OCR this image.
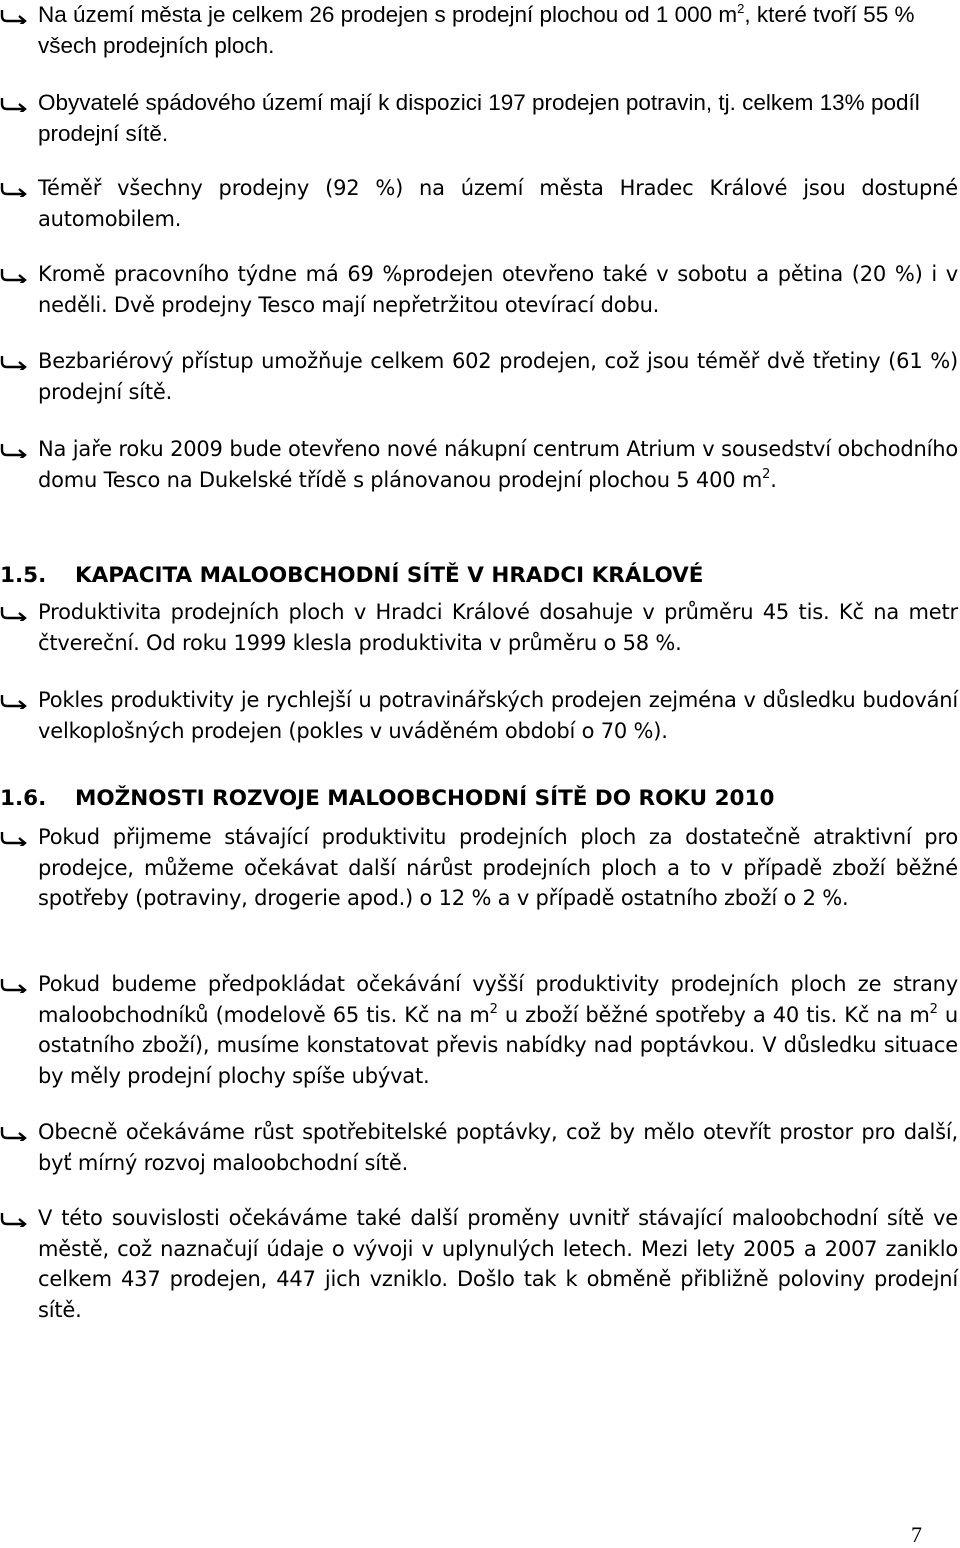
Na území města je celkem 26 prodejen s prodejní plochou od 1 000 $m^2$, které tvoří 55 % všech prodejních ploch.
Obyvatelé spádového území mají k dispozici 197 prodejen potravin, tj. celkem 13% podíl prodejní sítě.
Téměř všechny prodejny (92 %) na území města Hradec Králové jsou dostupné automobilem.
Kromě pracovního týdne má 69 %prodejen otevřeno také v sobotu a pětina (20 %) i v neděli. Dvě prodejny Tesco mají nepřetržitou otevírací dobu.
Bezbariérový přístup umožňuje celkem 602 prodejen, což jsou téměř dvě třetiny (61 %) prodejní sítě.
Na jaře roku 2009 bude otevřeno nové nákupní centrum Atrium v sousedství obchodního domu Tesco na Dukelské třídě s plánovanou prodejní plochou 5 400 $m^2$.
1.5. KAPACITA MALOOBCHODNÍ SÍTĚ V HRADCI KRÁLOVÉ
Produktivita prodejních ploch v Hradci Králové dosahuje v průměru 45 tis. Kč na metr čtvereční. Od roku 1999 klesla produktivita v průměru o 58 %.
Pokles produktivity je rychlejší u potravinářských prodejen zejména v důsledku budování velkoplošných prodejen (pokles v uváděném období o 70 %).
1.6. MOŽNOSTI ROZVOJE MALOOBCHODNÍ SÍTĚ DO ROKU 2010
Pokud přijmeme stávající produktivitu prodejních ploch za dostatečně atraktivní pro prodejce, můžeme očekávat další nárůst prodejních ploch a to v případě zboží běžné spotřeby (potraviny, drogerie apod.) o 12 % a v případě ostatního zboží o 2 %.
Pokud budeme předpokládat očekávání vyšší produktivity prodejních ploch ze strany maloobchodníků (modelově 65 tis. Kč na $m^2$ u zboží běžné spotřeby a 40 tis. Kč na $m^2$ u ostatního zboží), musíme konstatovat převis nabídky nad poptávkou. V důsledku situace by měly prodejní plochy spíše ubývat.
Obecně očekáváme růst spotřebitelské poptávky, což by mělo otevřít prostor pro další, byť mírný rozvoj maloobchodní sítě.
V této souvislosti očekáváme také další proměny uvnitř stávající maloobchodní sítě ve městě, což naznačují údaje o vývoji v uplynulých letech. Mezi lety 2005 a 2007 zaniklo celkem 437 prodejen, 447 jich vzniklo. Došlo tak k obměně přibližně poloviny prodejní sítě.
7
